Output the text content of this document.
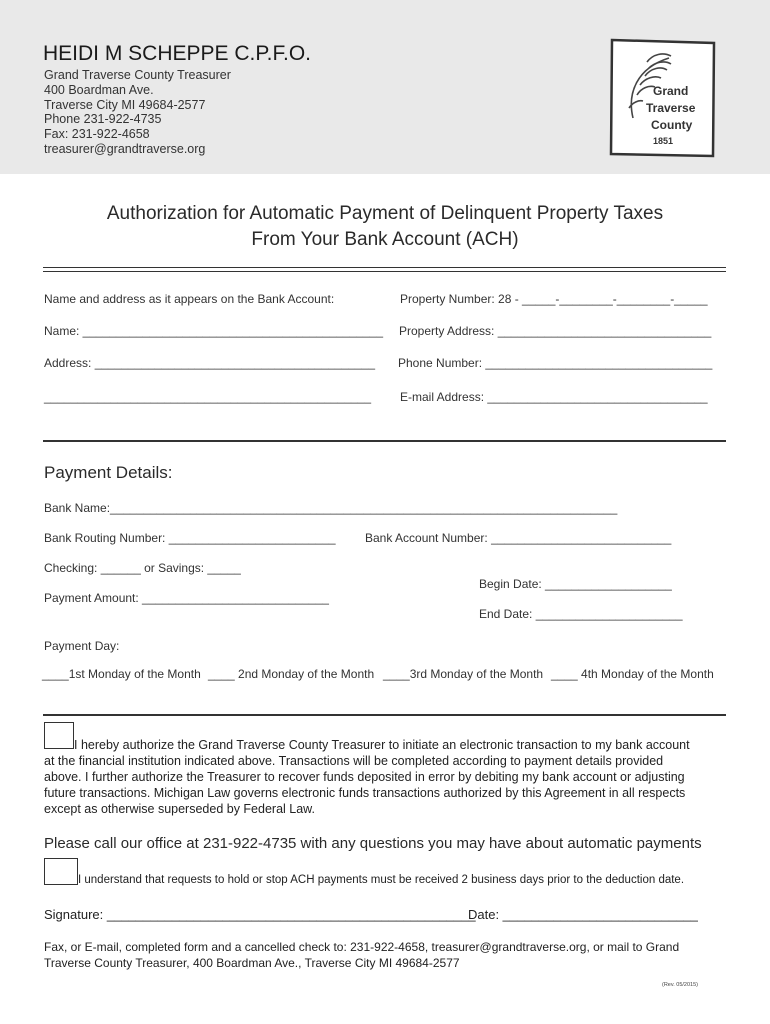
HEIDI M SCHEPPE C.P.F.O.
Grand Traverse County Treasurer
400 Boardman Ave.
Traverse City MI 49684-2577
Phone 231-922-4735
Fax: 231-922-4658
treasurer@grandtraverse.org
Grand
Traverse
County
1851
Authorization for Automatic Payment of Delinquent Property Taxes
From Your Bank Account (ACH)
Name and address as it appears on the Bank Account:	Property Number: 28 - _____-________-________-_____
Name: _____________________________________________ Property Address: ________________________________
Address: __________________________________________ Phone Number: __________________________________
_________________________________________________ E-mail Address: _________________________________
Payment Details:
Bank Name:____________________________________________________________________________
Bank Routing Number: _________________________ Bank Account Number: ___________________________
Checking: ______ or Savings: _____
Begin Date: ___________________
Payment Amount: ____________________________
End Date: ______________________
Payment Day:
____1st Monday of the Month ____ 2nd Monday of the Month ____3rd Monday of the Month ____ 4th Monday of the Month
I hereby authorize the Grand Traverse County Treasurer to initiate an electronic transaction to my bank account
at the financial institution indicated above. Transactions will be completed according to payment details provided
above. I further authorize the Treasurer to recover funds deposited in error by debiting my bank account or adjusting
future transactions. Michigan Law governs electronic funds transactions authorized by this Agreement in all respects
except as otherwise superseded by Federal Law.
Please call our office at 231-922-4735 with any questions you may have about automatic payments
I understand that requests to hold or stop ACH payments must be received 2 business days prior to the deduction date.
Signature: ___________________________________________________
Date: ___________________________
Fax, or E-mail, completed form and a cancelled check to: 231-922-4658, treasurer@grandtraverse.org, or mail to Grand
Traverse County Treasurer, 400 Boardman Ave., Traverse City MI 49684-2577
(Rev. 05/2015)
